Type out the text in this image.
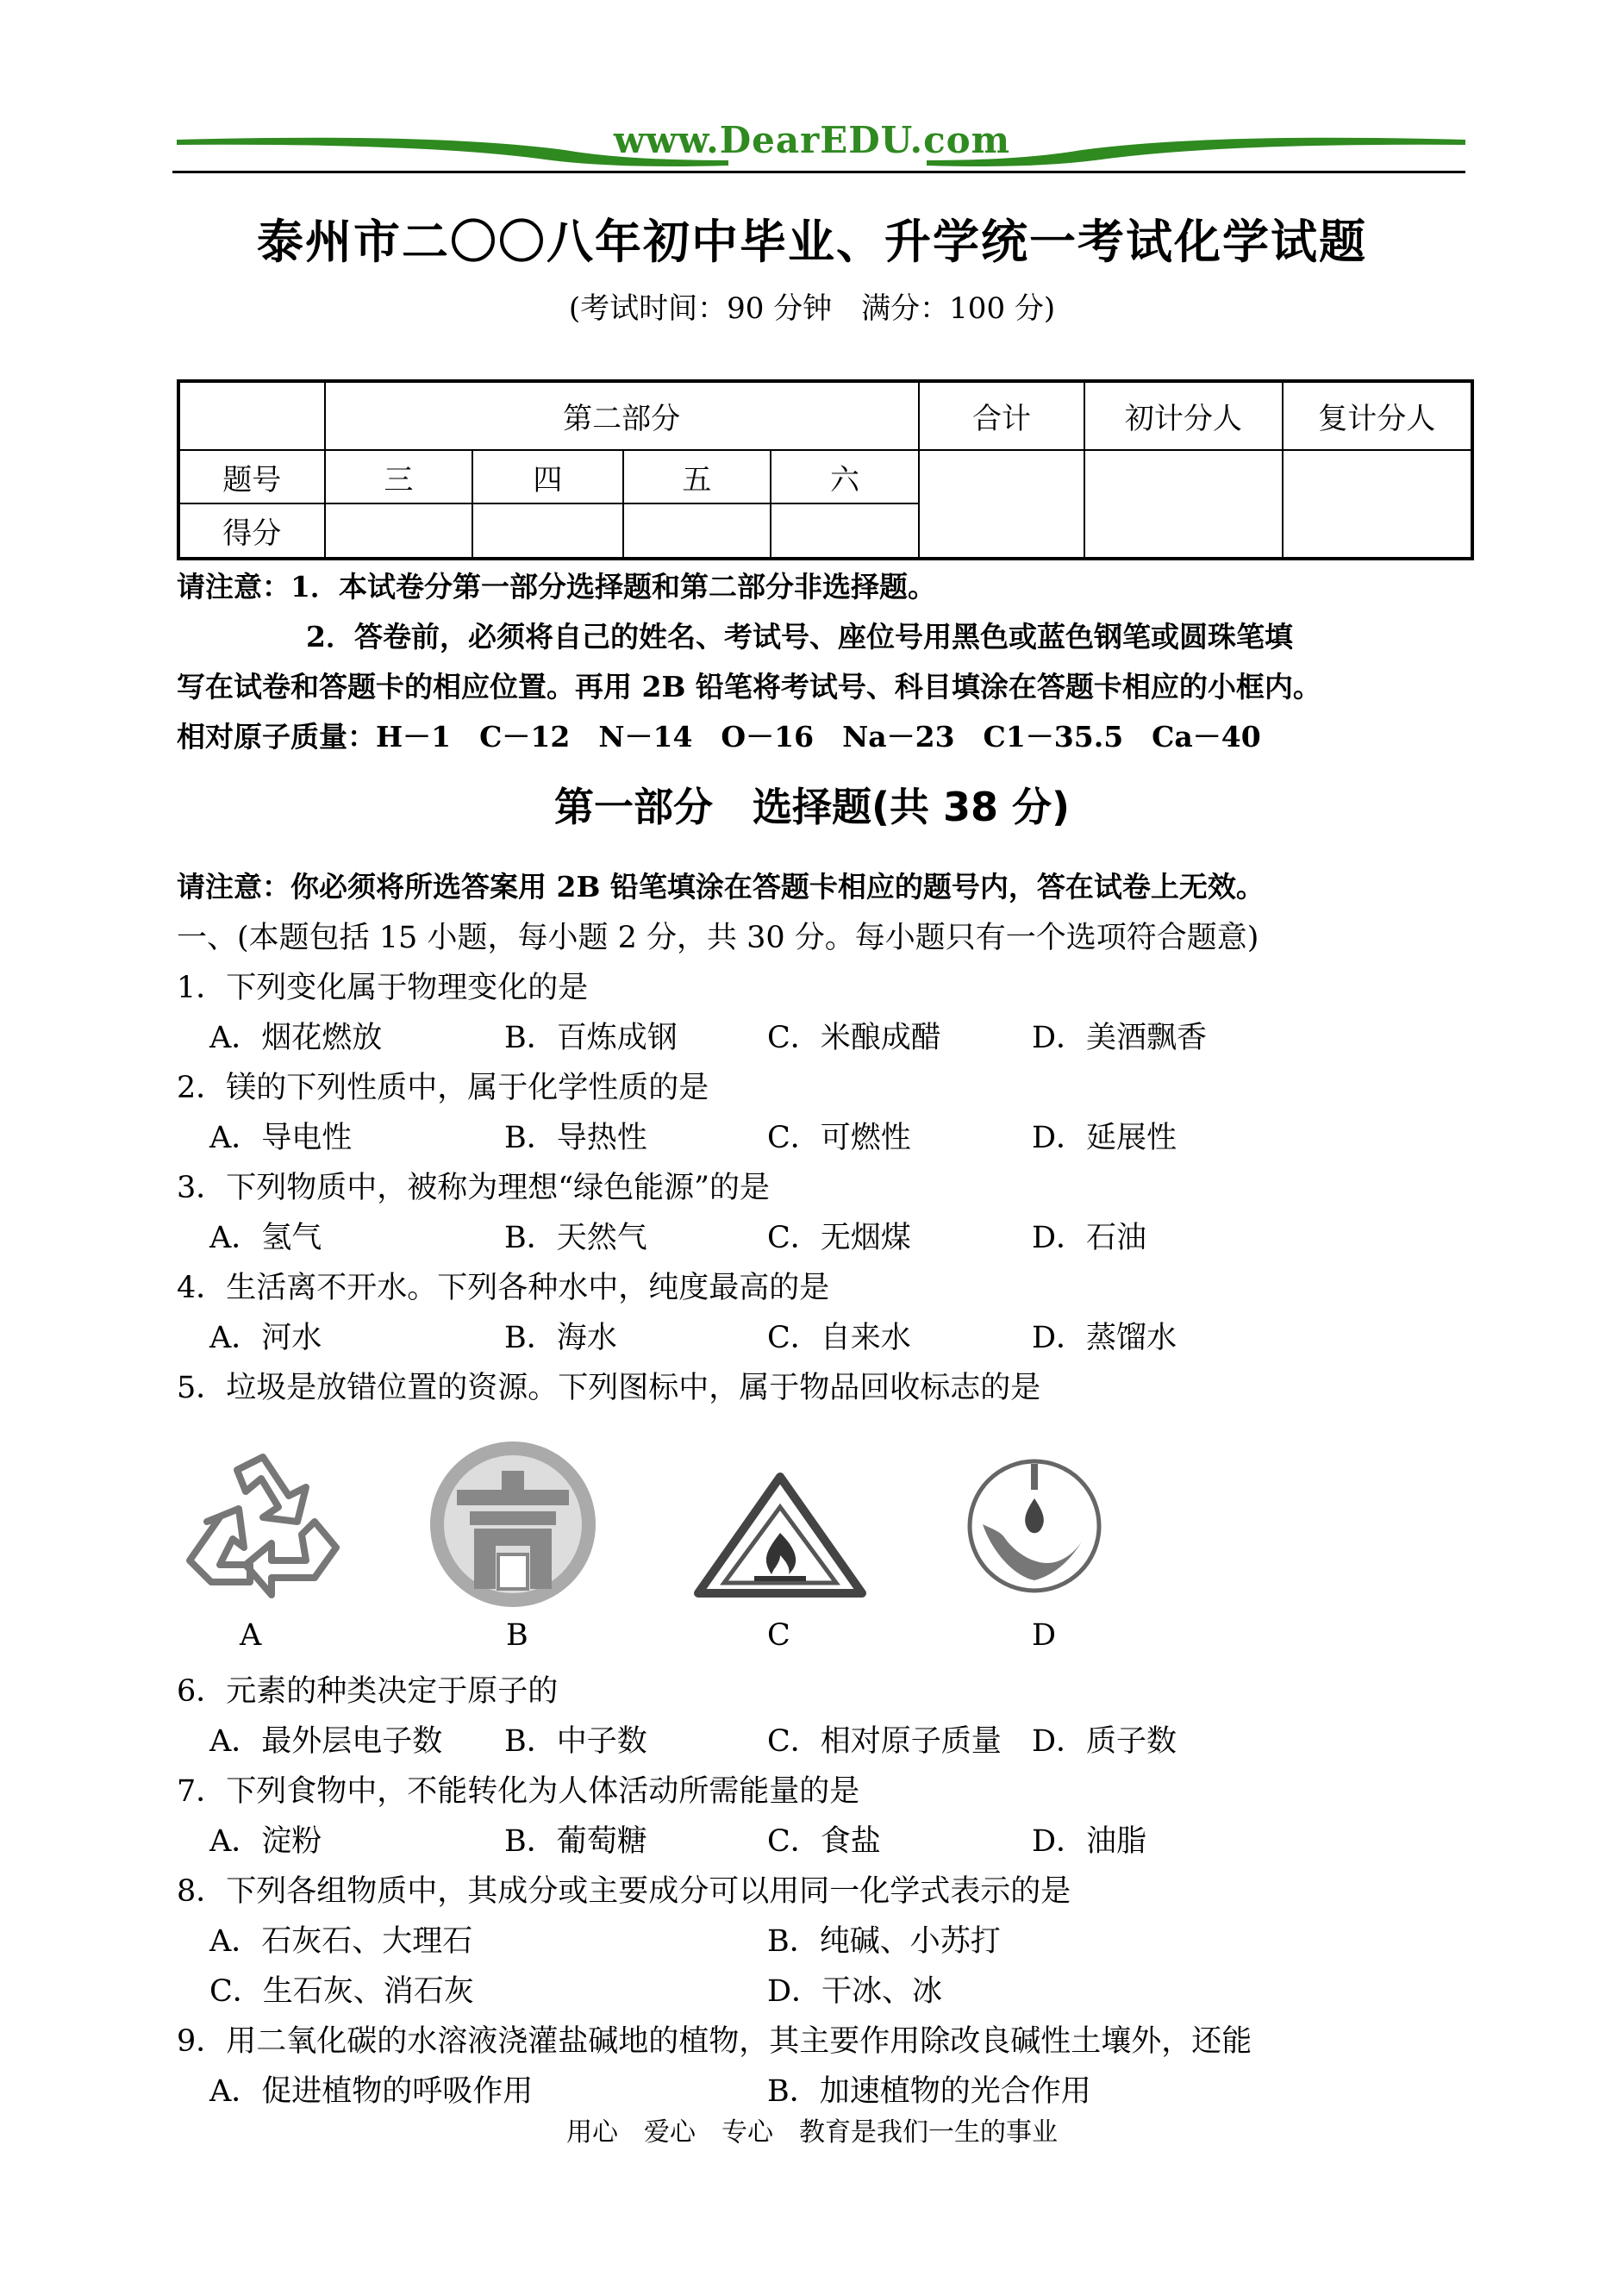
www.DearEDU.com
泰州市二〇〇八年初中毕业、升学统一考试化学试题
(考试时间：90 分钟　满分：100 分)
	第二部分				合计	初计分人	复计分人
题号	三	四	五	六			
得分							
请注意：1．本试卷分第一部分选择题和第二部分非选择题。
2．答卷前，必须将自己的姓名、考试号、座位号用黑色或蓝色钢笔或圆珠笔填
写在试卷和答题卡的相应位置。再用 2B 铅笔将考试号、科目填涂在答题卡相应的小框内。
相对原子质量：H－1　C－12　N－14　O－16　Na－23　C1－35.5　Ca－40
第一部分　选择题(共 38 分)
请注意：你必须将所选答案用 2B 铅笔填涂在答题卡相应的题号内，答在试卷上无效。
一、(本题包括 15 小题，每小题 2 分，共 30 分。每小题只有一个选项符合题意)
1．下列变化属于物理变化的是
A．烟花燃放	B．百炼成钢	C．米酿成醋	D．美酒飘香
2．镁的下列性质中，属于化学性质的是
A．导电性	B．导热性	C．可燃性	D．延展性
3．下列物质中，被称为理想“绿色能源”的是
A．氢气	B．天然气	C．无烟煤	D．石油
4．生活离不开水。下列各种水中，纯度最高的是
A．河水	B．海水	C．自来水	D．蒸馏水
5．垃圾是放错位置的资源。下列图标中，属于物品回收标志的是
A	B	C	D
6．元素的种类决定于原子的
A．最外层电子数 B．中子数	C．相对原子质量 D．质子数
7．下列食物中，不能转化为人体活动所需能量的是
A．淀粉	B．葡萄糖	C．食盐	D．油脂
8．下列各组物质中，其成分或主要成分可以用同一化学式表示的是
A．石灰石、大理石	B．纯碱、小苏打
C．生石灰、消石灰	D．干冰、冰
9．用二氧化碳的水溶液浇灌盐碱地的植物，其主要作用除改良碱性土壤外，还能
A．促进植物的呼吸作用	B．加速植物的光合作用
用心　爱心　专心　教育是我们一生的事业
